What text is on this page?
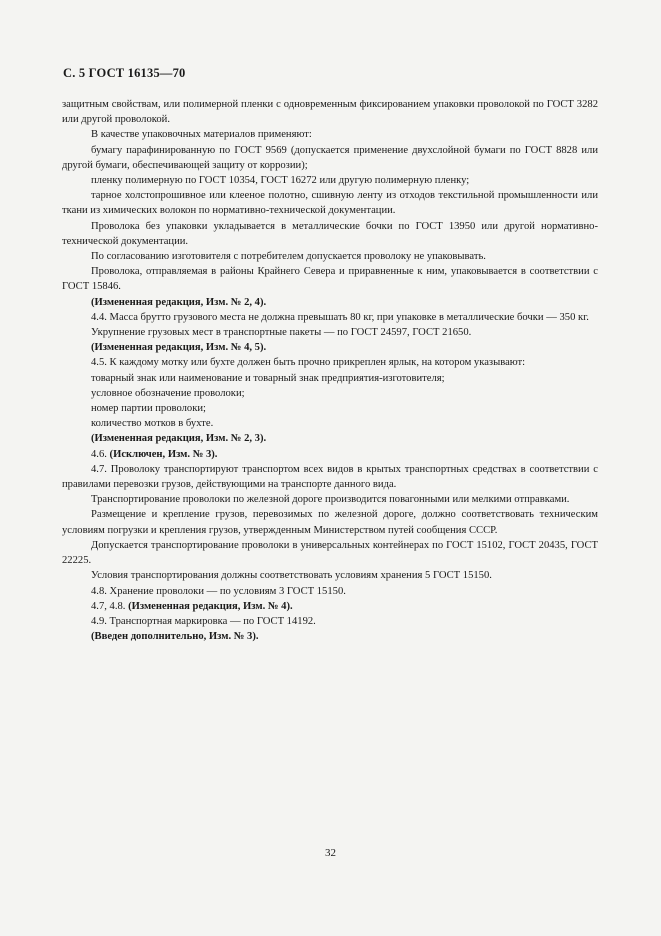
С. 5 ГОСТ 16135—70

защитным свойствам, или полимерной пленки с одновременным фиксированием упаковки проволокой по ГОСТ 3282 или другой проволокой.

В качестве упаковочных материалов применяют:

бумагу парафинированную по ГОСТ 9569 (допускается применение двухслойной бумаги по ГОСТ 8828 или другой бумаги, обеспечивающей защиту от коррозии);

пленку полимерную по ГОСТ 10354, ГОСТ 16272 или другую полимерную пленку;

тарное холстопрошивное или клееное полотно, сшивную ленту из отходов текстильной промышленности или ткани из химических волокон по нормативно-технической документации.

Проволока без упаковки укладывается в металлические бочки по ГОСТ 13950 или другой нормативно-технической документации.

По согласованию изготовителя с потребителем допускается проволоку не упаковывать.

Проволока, отправляемая в районы Крайнего Севера и приравненные к ним, упаковывается в соответствии с ГОСТ 15846.

(Измененная редакция, Изм. № 2, 4).

4.4. Масса брутто грузового места не должна превышать 80 кг, при упаковке в металлические бочки — 350 кг.

Укрупнение грузовых мест в транспортные пакеты — по ГОСТ 24597, ГОСТ 21650.

(Измененная редакция, Изм. № 4, 5).

4.5. К каждому мотку или бухте должен быть прочно прикреплен ярлык, на котором указывают:

товарный знак или наименование и товарный знак предприятия-изготовителя;

условное обозначение проволоки;

номер партии проволоки;

количество мотков в бухте.

(Измененная редакция, Изм. № 2, 3).

4.6. (Исключен, Изм. № 3).

4.7. Проволоку транспортируют транспортом всех видов в крытых транспортных средствах в соответствии с правилами перевозки грузов, действующими на транспорте данного вида.

Транспортирование проволоки по железной дороге производится повагонными или мелкими отправками.

Размещение и крепление грузов, перевозимых по железной дороге, должно соответствовать техническим условиям погрузки и крепления грузов, утвержденным Министерством путей сообщения СССР.

Допускается транспортирование проволоки в универсальных контейнерах по ГОСТ 15102, ГОСТ 20435, ГОСТ 22225.

Условия транспортирования должны соответствовать условиям хранения 5 ГОСТ 15150.

4.8. Хранение проволоки — по условиям 3 ГОСТ 15150.

4.7, 4.8. (Измененная редакция, Изм. № 4).

4.9. Транспортная маркировка — по ГОСТ 14192.

(Введен дополнительно, Изм. № 3).

32
